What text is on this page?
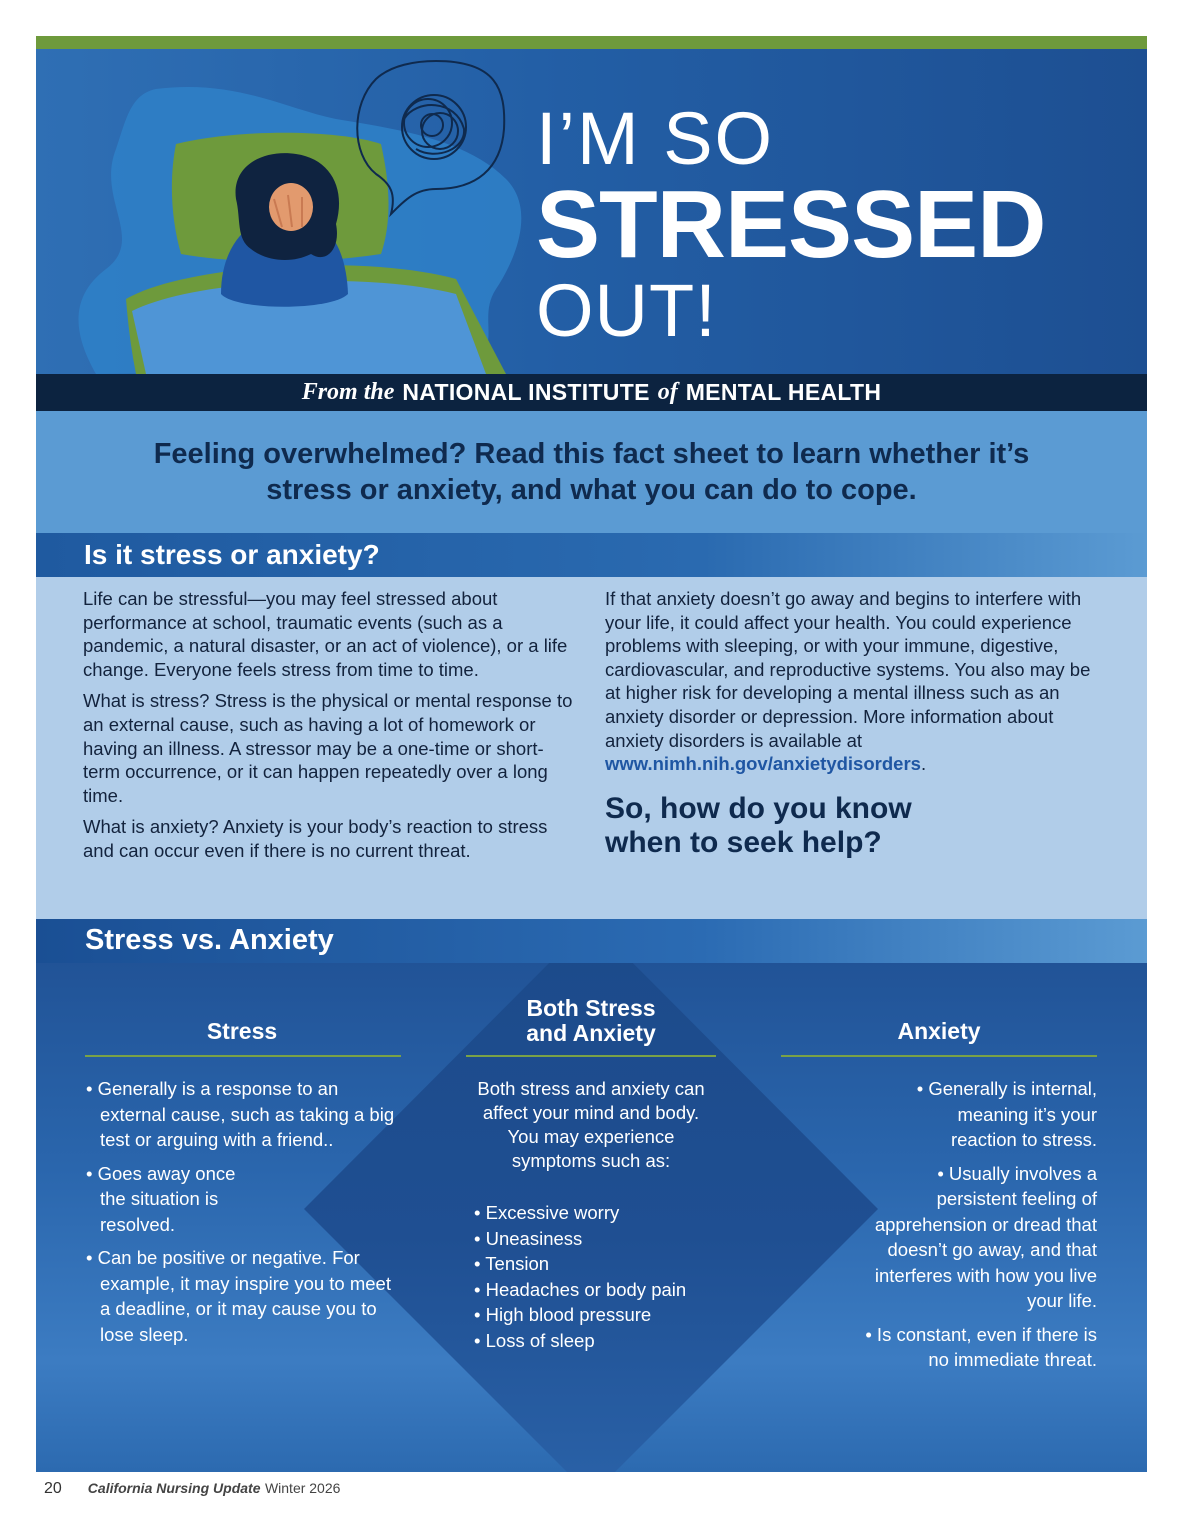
I’M SO
STRESSED
OUT!
From the NATIONAL INSTITUTE of MENTAL HEALTH

Feeling overwhelmed? Read this fact sheet to learn whether it’s stress or anxiety, and what you can do to cope.

Is it stress or anxiety?

Life can be stressful—you may feel stressed about performance at school, traumatic events (such as a pandemic, a natural disaster, or an act of violence), or a life change. Everyone feels stress from time to time.

What is stress? Stress is the physical or mental response to an external cause, such as having a lot of homework or having an illness. A stressor may be a one-time or short-term occurrence, or it can happen repeatedly over a long time.

What is anxiety? Anxiety is your body’s reaction to stress and can occur even if there is no current threat.

If that anxiety doesn’t go away and begins to interfere with your life, it could affect your health. You could experience problems with sleeping, or with your immune, digestive, cardiovascular, and reproductive systems. You also may be at higher risk for developing a mental illness such as an anxiety disorder or depression. More information about anxiety disorders is available at www.nimh.nih.gov/anxietydisorders.

So, how do you know
when to seek help?
Stress vs. Anxiety
Stress
• Generally is a response to an external cause, such as taking a big test or arguing with a friend..
• Goes away once the situation is resolved.
• Can be positive or negative. For example, it may inspire you to meet a deadline, or it may cause you to lose sleep.
Both Stress
and Anxiety
Both stress and anxiety can affect your mind and body. You may experience symptoms such as:
• Excessive worry
• Uneasiness
• Tension
• Headaches or body pain
• High blood pressure
• Loss of sleep
Anxiety
• Generally is internal, meaning it’s your reaction to stress.
• Usually involves a persistent feeling of apprehension or dread that doesn’t go away, and that interferes with how you live your life.
• Is constant, even if there is no immediate threat.
20 California Nursing Update Winter 2026
